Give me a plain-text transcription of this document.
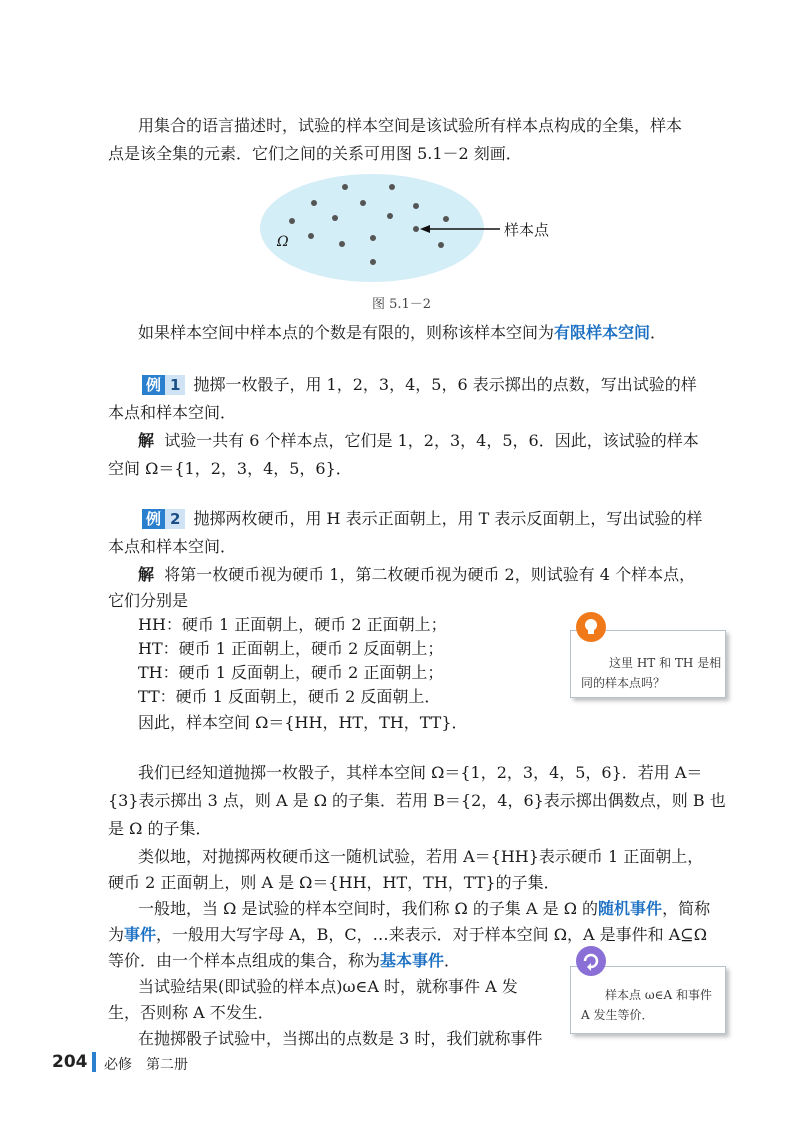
用集合的语言描述时，试验的样本空间是该试验所有样本点构成的全集，样本
点是该全集的元素．它们之间的关系可用图 5.1－2 刻画．
Ω
样本点
图 5.1－2
如果样本空间中样本点的个数是有限的，则称该样本空间为有限样本空间．
例 1 抛掷一枚骰子，用 1，2，3，4，5，6 表示掷出的点数，写出试验的样
本点和样本空间．
解 试验一共有 6 个样本点，它们是 1，2，3，4，5，6．因此，该试验的样本
空间 Ω＝{1，2，3，4，5，6}．
例 2 抛掷两枚硬币，用 H 表示正面朝上，用 T 表示反面朝上，写出试验的样
本点和样本空间．
解 将第一枚硬币视为硬币 1，第二枚硬币视为硬币 2，则试验有 4 个样本点，
它们分别是
HH：硬币 1 正面朝上，硬币 2 正面朝上；
HT：硬币 1 正面朝上，硬币 2 反面朝上；
TH：硬币 1 反面朝上，硬币 2 正面朝上；
TT：硬币 1 反面朝上，硬币 2 反面朝上．
因此，样本空间 Ω＝{HH，HT，TH，TT}．
这里 HT 和 TH 是相
同的样本点吗？
我们已经知道抛掷一枚骰子，其样本空间 Ω＝{1，2，3，4，5，6}．若用 A＝
{3}表示掷出 3 点，则 A 是 Ω 的子集．若用 B＝{2，4，6}表示掷出偶数点，则 B 也
是 Ω 的子集．
类似地，对抛掷两枚硬币这一随机试验，若用 A＝{HH}表示硬币 1 正面朝上，
硬币 2 正面朝上，则 A 是 Ω＝{HH，HT，TH，TT}的子集．
一般地，当 Ω 是试验的样本空间时，我们称 Ω 的子集 A 是 Ω 的随机事件，简称
为事件，一般用大写字母 A，B，C，…来表示．对于样本空间 Ω，A 是事件和 A⊆Ω
等价．由一个样本点组成的集合，称为基本事件．
当试验结果(即试验的样本点)ω∈A 时，就称事件 A 发
生，否则称 A 不发生．
在抛掷骰子试验中，当掷出的点数是 3 时，我们就称事件
样本点 ω∈A 和事件
A 发生等价．
204 必修　第二册
